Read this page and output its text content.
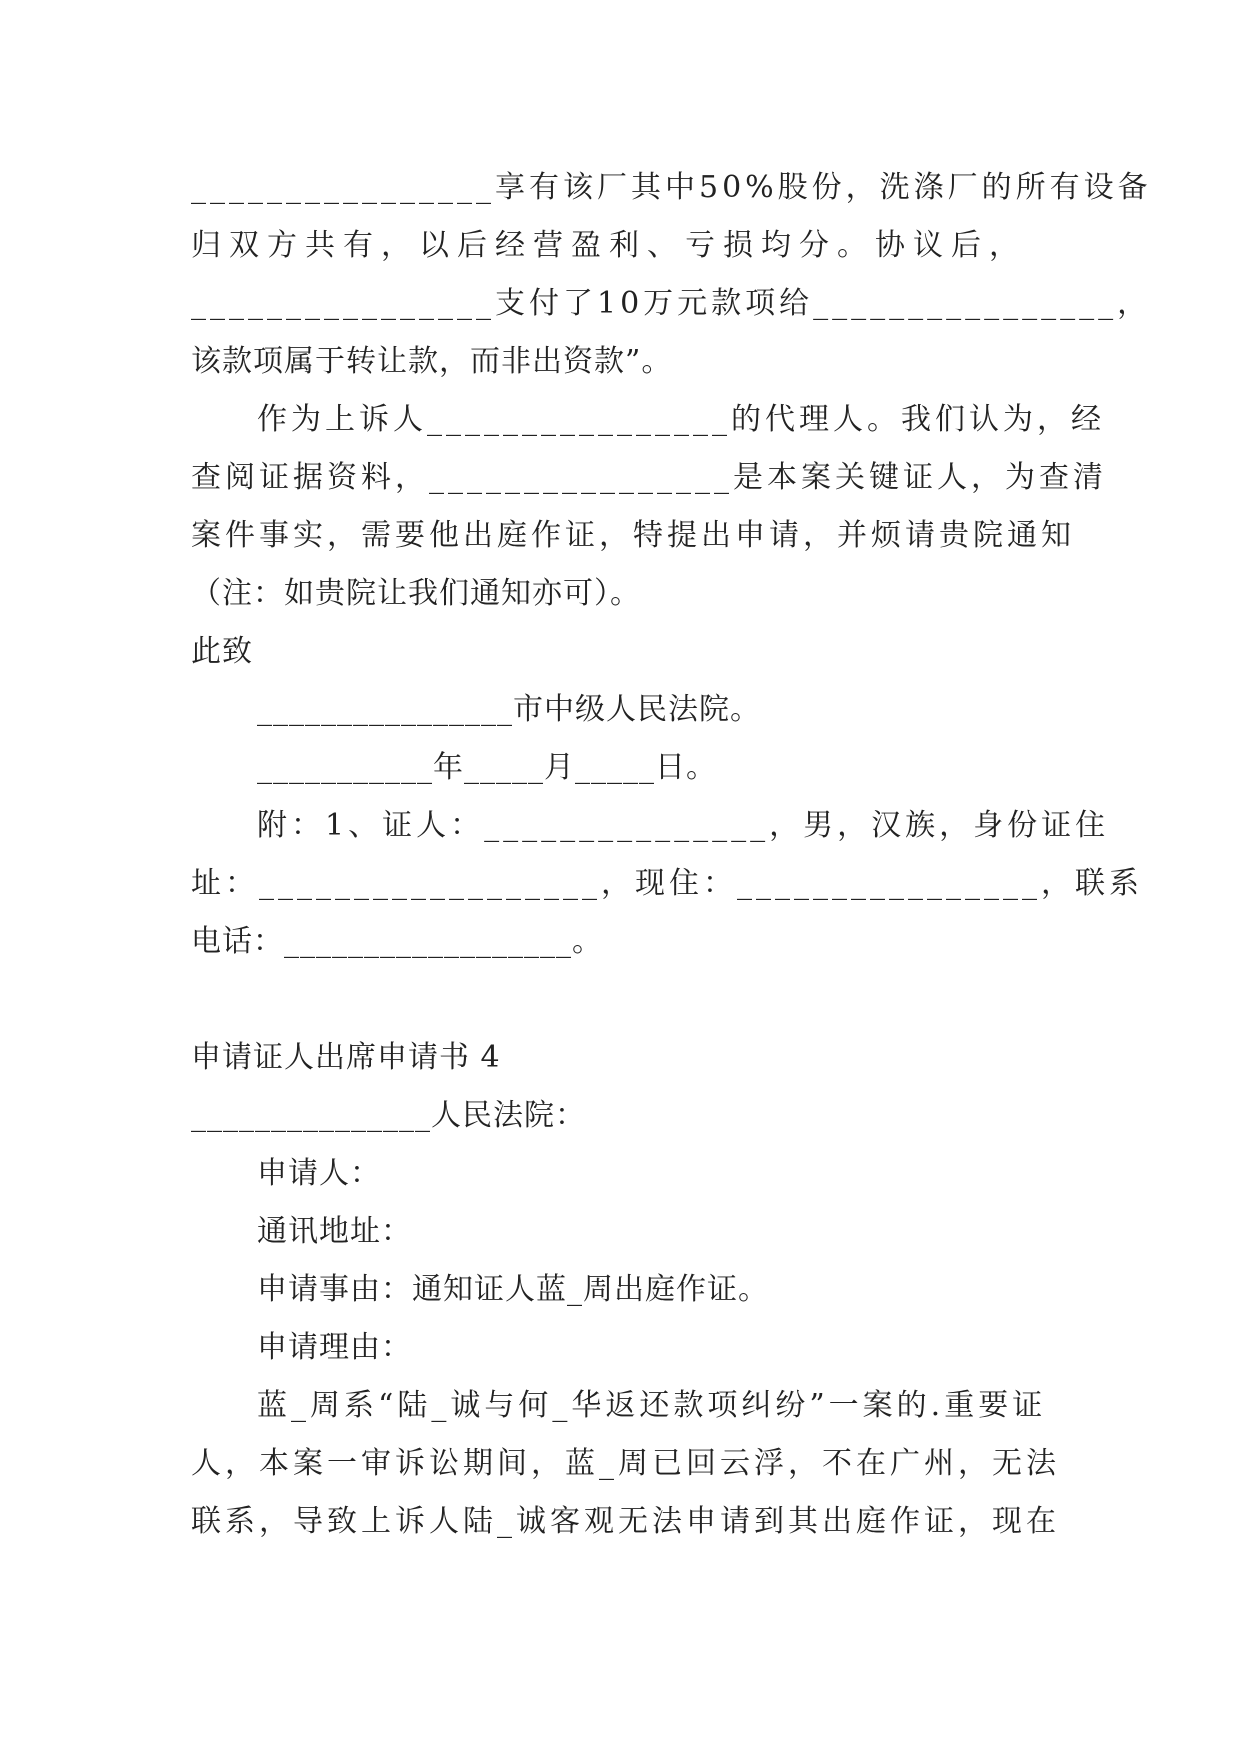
________________享有该厂其中50%股份，洗涤厂的所有设备
归双方共有，以后经营盈利、亏损均分。协议后，
________________支付了10万元款项给________________，
该款项属于转让款，而非出资款”。
作为上诉人________________的代理人。我们认为，经
查阅证据资料，________________是本案关键证人，为查清
案件事实，需要他出庭作证，特提出申请，并烦请贵院通知
（注：如贵院让我们通知亦可）。
此致
________________市中级人民法院。
___________年_____月_____日。
附：1、证人：_______________，男，汉族，身份证住
址：__________________，现住：________________，联系
电话：__________________。
申请证人出席申请书 4
_______________人民法院：
申请人：
通讯地址：
申请事由：通知证人蓝_周出庭作证。
申请理由：
蓝_周系“陆_诚与何_华返还款项纠纷”一案的.重要证
人，本案一审诉讼期间，蓝_周已回云浮，不在广州，无法
联系，导致上诉人陆_诚客观无法申请到其出庭作证，现在
